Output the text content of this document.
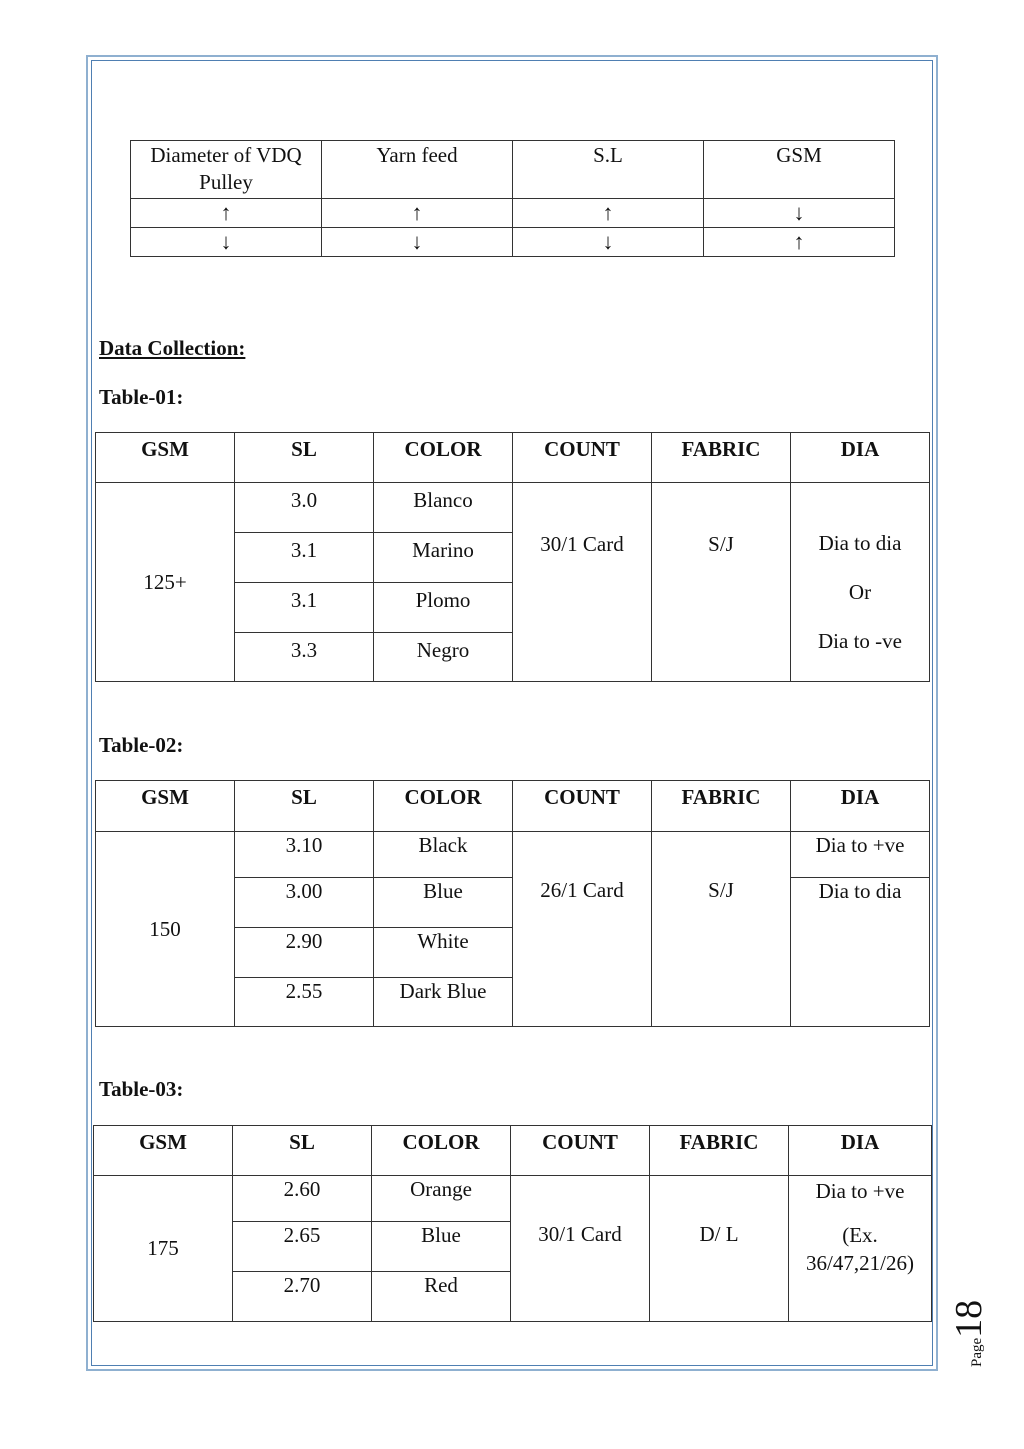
Diameter of VDQ Pulley	Yarn feed	S.L	GSM
↑	↑	↑	↓
↓	↓	↓	↑
Data Collection:
Table-01:
GSM	SL	COLOR	COUNT	FABRIC	DIA
125+	3.0	Blanco	30/1 Card	S/J	Dia to dia
Or
Dia to -ve

	3.1	Marino			
	3.1	Plomo			
	3.3	Negro			
Table-02:
GSM	SL	COLOR	COUNT	FABRIC	DIA
150	3.10	Black	26/1 Card	S/J	Dia to +ve
	3.00	Blue			Dia to dia
	2.90	White			
	2.55	Dark Blue			
Table-03:
GSM	SL	COLOR	COUNT	FABRIC	DIA
175	2.60	Orange	30/1 Card	D/ L	Dia to +ve
(Ex. 36/47,21/26)

	2.65	Blue			
	2.70	Red			
Page18
